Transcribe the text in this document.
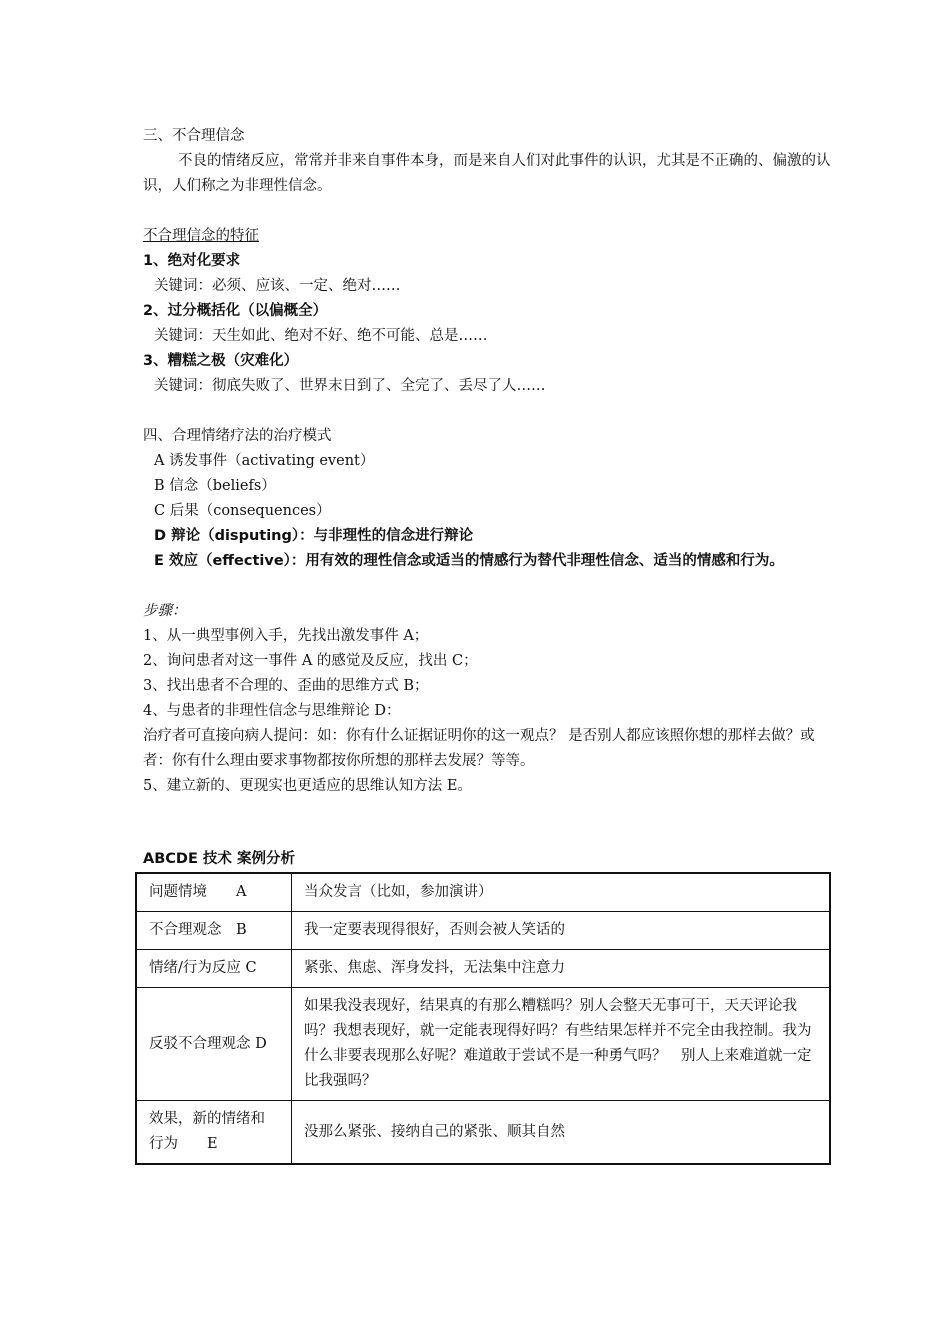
三、不合理信念
不良的情绪反应，常常并非来自事件本身，而是来自人们对此事件的认识，尤其是不正确的、偏激的认识，人们称之为非理性信念。
不合理信念的特征
1、绝对化要求
关键词：必须、应该、一定、绝对……
2、过分概括化（以偏概全）
关键词：天生如此、绝对不好、绝不可能、总是……
3、糟糕之极（灾难化）
关键词：彻底失败了、世界末日到了、全完了、丢尽了人……
四、合理情绪疗法的治疗模式
A 诱发事件（activating event）
B 信念（beliefs）
C 后果（consequences）
D 辩论（disputing）：与非理性的信念进行辩论
E 效应（effective）：用有效的理性信念或适当的情感行为替代非理性信念、适当的情感和行为。
步骤：
1、从一典型事例入手，先找出激发事件 A；
2、询问患者对这一事件 A 的感觉及反应，找出 C；
3、找出患者不合理的、歪曲的思维方式 B；
4、与患者的非理性信念与思维辩论 D：
治疗者可直接向病人提问：如：你有什么证据证明你的这一观点？ 是否别人都应该照你想的那样去做？或者：你有什么理由要求事物都按你所想的那样去发展？等等。
5、建立新的、更现实也更适应的思维认知方法 E。
ABCDE 技术 案例分析
问题情境　　A	当众发言（比如，参加演讲）
不合理观念　B	我一定要表现得很好，否则会被人笑话的
情绪/行为反应 C	紧张、焦虑、浑身发抖，无法集中注意力
反驳不合理观念 D	如果我没表现好，结果真的有那么糟糕吗？别人会整天无事可干，天天评论我吗？我想表现好，就一定能表现得好吗？有些结果怎样并不完全由我控制。我为什么非要表现那么好呢？难道敢于尝试不是一种勇气吗？　别人上来难道就一定比我强吗？
效果，新的情绪和行为　　E	没那么紧张、接纳自己的紧张、顺其自然
